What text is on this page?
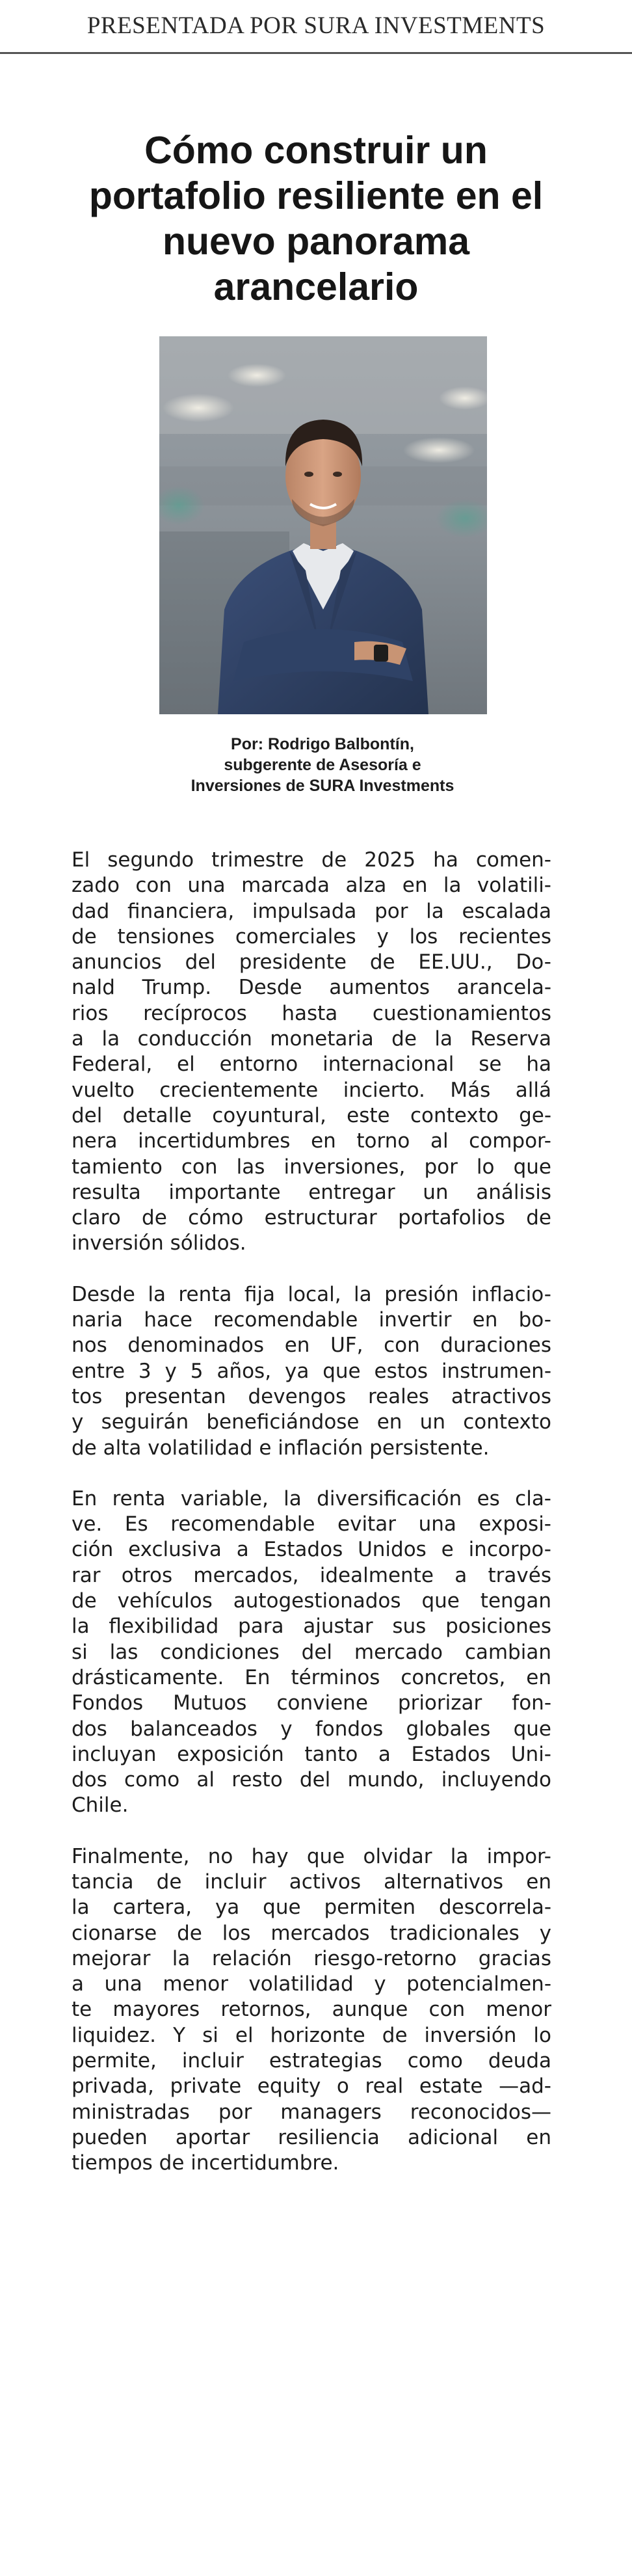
PRESENTADA POR SURA INVESTMENTS
Cómo construir un portafolio resiliente en el nuevo panorama arancelario
Por: Rodrigo Balbontín,
subgerente de Asesoría e
Inversiones de SURA Investments
El segundo trimestre de 2025 ha comen-
zado con una marcada alza en la volatili-
dad financiera, impulsada por la escalada
de tensiones comerciales y los recientes
anuncios del presidente de EE.UU., Do-
nald Trump. Desde aumentos arancela-
rios recíprocos hasta cuestionamientos
a la conducción monetaria de la Reserva
Federal, el entorno internacional se ha
vuelto crecientemente incierto. Más allá
del detalle coyuntural, este contexto ge-
nera incertidumbres en torno al compor-
tamiento con las inversiones, por lo que
resulta importante entregar un análisis
claro de cómo estructurar portafolios de
inversión sólidos.
Desde la renta fija local, la presión inflacio-
naria hace recomendable invertir en bo-
nos denominados en UF, con duraciones
entre 3 y 5 años, ya que estos instrumen-
tos presentan devengos reales atractivos
y seguirán beneficiándose en un contexto
de alta volatilidad e inflación persistente.
En renta variable, la diversificación es cla-
ve. Es recomendable evitar una exposi-
ción exclusiva a Estados Unidos e incorpo-
rar otros mercados, idealmente a través
de vehículos autogestionados que tengan
la flexibilidad para ajustar sus posiciones
si las condiciones del mercado cambian
drásticamente. En términos concretos, en
Fondos Mutuos conviene priorizar fon-
dos balanceados y fondos globales que
incluyan exposición tanto a Estados Uni-
dos como al resto del mundo, incluyendo
Chile.
Finalmente, no hay que olvidar la impor-
tancia de incluir activos alternativos en
la cartera, ya que permiten descorrela-
cionarse de los mercados tradicionales y
mejorar la relación riesgo-retorno gracias
a una menor volatilidad y potencialmen-
te mayores retornos, aunque con menor
liquidez. Y si el horizonte de inversión lo
permite, incluir estrategias como deuda
privada, private equity o real estate —ad-
ministradas por managers reconocidos—
pueden aportar resiliencia adicional en
tiempos de incertidumbre.
